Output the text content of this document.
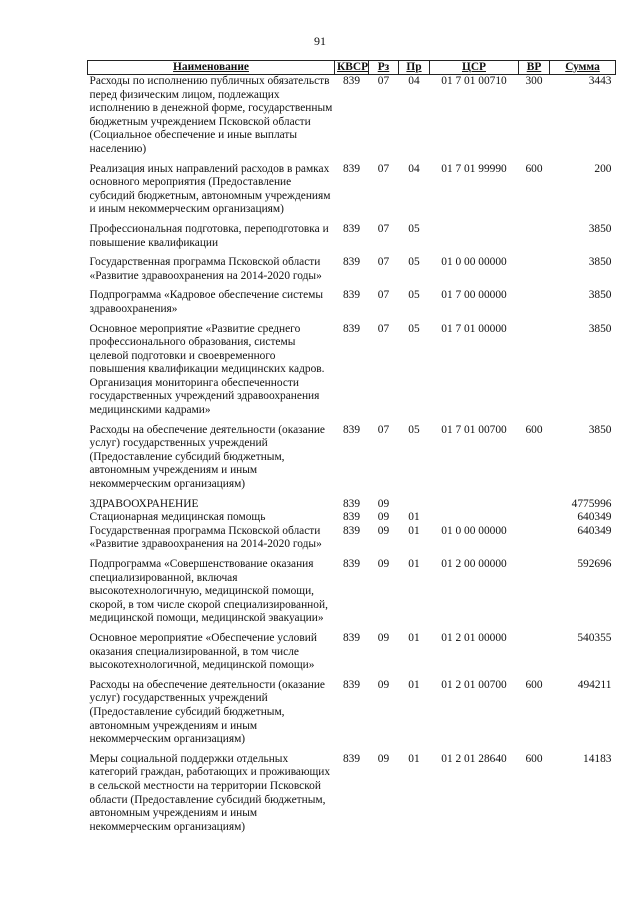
91
Наименование	КВСР	Рз	Пр	ЦСР	ВР	Сумма
Расходы по исполнению публичных обязательств перед физическим лицом, подлежащих исполнению в денежной форме, государственным бюджетным учреждением Псковской области (Социальное обеспечение и иные выплаты населению)	839	07	04	01 7 01 00710	300	3443
Реализация иных направлений расходов в рамках основного мероприятия (Предоставление субсидий бюджетным, автономным учреждениям и иным некоммерческим организациям)	839	07	04	01 7 01 99990	600	200
Профессиональная подготовка, переподготовка и повышение квалификации	839	07	05			3850
Государственная программа Псковской области «Развитие здравоохранения на 2014-2020 годы»	839	07	05	01 0 00 00000		3850
Подпрограмма «Кадровое обеспечение системы здравоохранения»	839	07	05	01 7 00 00000		3850
Основное мероприятие «Развитие среднего профессионального образования, системы целевой подготовки и своевременного повышения квалификации медицинских кадров. Организация мониторинга обеспеченности государственных учреждений здравоохранения медицинскими кадрами»	839	07	05	01 7 01 00000		3850
Расходы на обеспечение деятельности (оказание услуг) государственных учреждений (Предоставление субсидий бюджетным, автономным учреждениям и иным некоммерческим организациям)	839	07	05	01 7 01 00700	600	3850
ЗДРАВООХРАНЕНИЕ	839	09				4775996
Стационарная медицинская помощь	839	09	01			640349
Государственная программа Псковской области «Развитие здравоохранения на 2014-2020 годы»	839	09	01	01 0 00 00000		640349
Подпрограмма «Совершенствование оказания специализированной, включая высокотехнологичную, медицинской помощи, скорой, в том числе скорой специализированной, медицинской помощи, медицинской эвакуации»	839	09	01	01 2 00 00000		592696
Основное мероприятие «Обеспечение условий оказания специализированной, в том числе высокотехнологичной, медицинской помощи»	839	09	01	01 2 01 00000		540355
Расходы на обеспечение деятельности (оказание услуг) государственных учреждений (Предоставление субсидий бюджетным, автономным учреждениям и иным некоммерческим организациям)	839	09	01	01 2 01 00700	600	494211
Меры социальной поддержки отдельных категорий граждан, работающих и проживающих в сельской местности на территории Псковской области (Предоставление субсидий бюджетным, автономным учреждениям и иным некоммерческим организациям)	839	09	01	01 2 01 28640	600	14183
